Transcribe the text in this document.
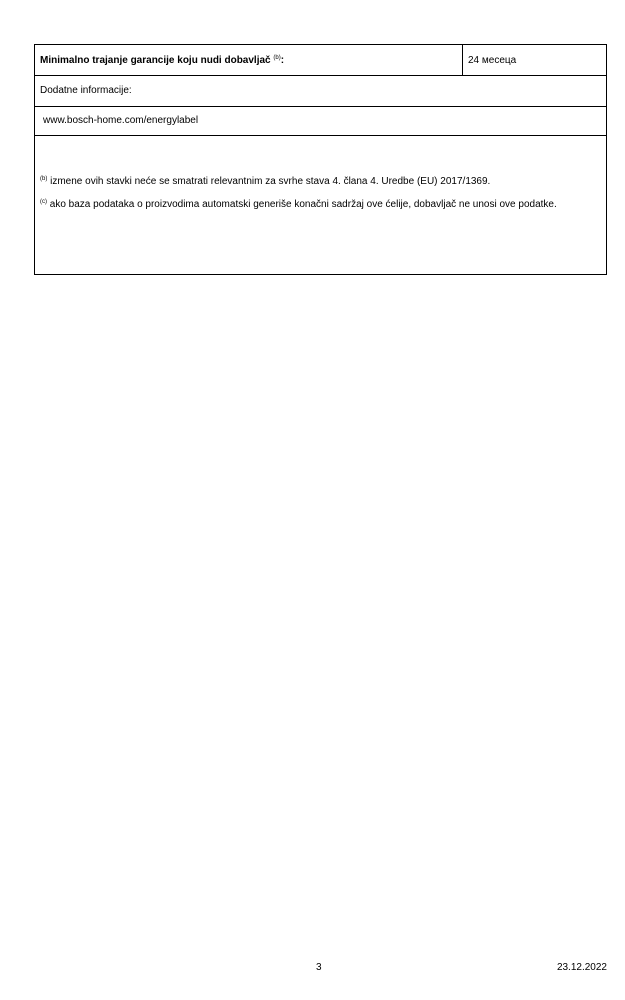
Minimalno trajanje garancije koju nudi dobavljač $^{(b)}$:	24 месеца
Dodatne informacije:
www.bosch-home.com/energylabel

$^{(b)}$ izmene ovih stavki neće se smatrati relevantnim za svrhe stava 4. člana 4. Uredbe (EU) 2017/1369.

$^{(c)}$ ako baza podataka o proizvodima automatski generiše konačni sadržaj ove ćelije, dobavljač ne unosi ove podatke.

3	23.12.2022
